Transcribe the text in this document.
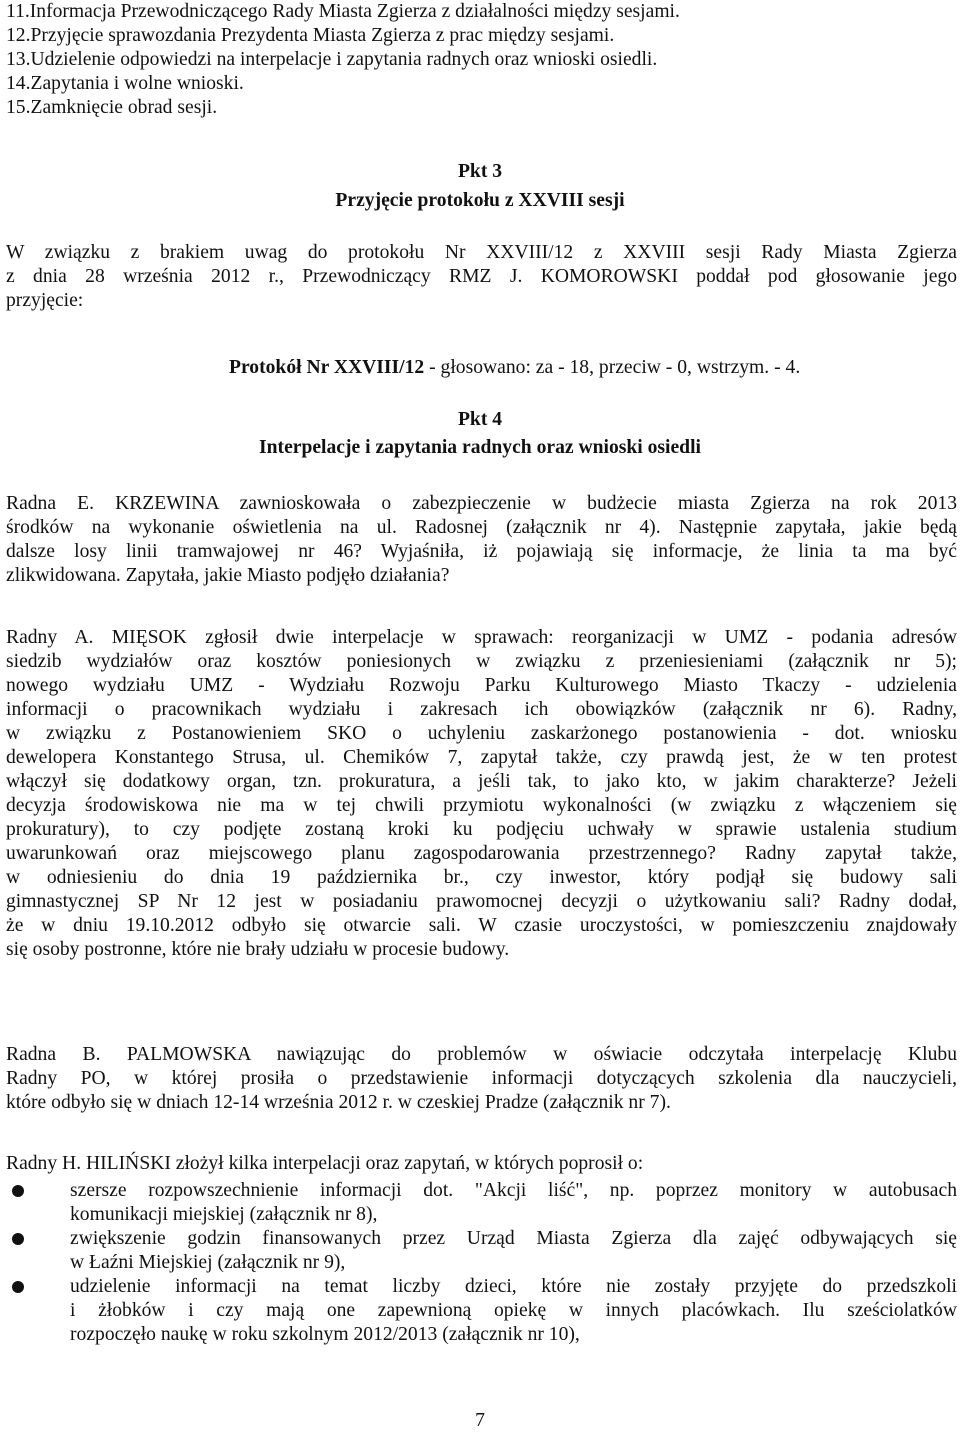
11.Informacja Przewodniczącego Rady Miasta Zgierza z działalności między sesjami.
12.Przyjęcie sprawozdania Prezydenta Miasta Zgierza z prac między sesjami.
13.Udzielenie odpowiedzi na interpelacje i zapytania radnych oraz wnioski osiedli.
14.Zapytania i wolne wnioski.
15.Zamknięcie obrad sesji.
Pkt 3
Przyjęcie protokołu z XXVIII sesji
W związku z brakiem uwag do protokołu Nr XXVIII/12 z XXVIII sesji Rady Miasta Zgierza
z dnia 28 września 2012 r., Przewodniczący RMZ J. KOMOROWSKI poddał pod głosowanie jego
przyjęcie:
Protokół Nr XXVIII/12 - głosowano: za - 18, przeciw - 0, wstrzym. - 4.
Pkt 4
Interpelacje i zapytania radnych oraz wnioski osiedli
Radna E. KRZEWINA zawnioskowała o zabezpieczenie w budżecie miasta Zgierza na rok 2013
środków na wykonanie oświetlenia na ul. Radosnej (załącznik nr 4). Następnie zapytała, jakie będą
dalsze losy linii tramwajowej nr 46? Wyjaśniła, iż pojawiają się informacje, że linia ta ma być
zlikwidowana. Zapytała, jakie Miasto podjęło działania?
Radny A. MIĘSOK zgłosił dwie interpelacje w sprawach: reorganizacji w UMZ - podania adresów
siedzib wydziałów oraz kosztów poniesionych w związku z przeniesieniami (załącznik nr 5);
nowego wydziału UMZ - Wydziału Rozwoju Parku Kulturowego Miasto Tkaczy - udzielenia
informacji o pracownikach wydziału i zakresach ich obowiązków (załącznik nr 6). Radny,
w związku z Postanowieniem SKO o uchyleniu zaskarżonego postanowienia - dot. wniosku
dewelopera Konstantego Strusa, ul. Chemików 7, zapytał także, czy prawdą jest, że w ten protest
włączył się dodatkowy organ, tzn. prokuratura, a jeśli tak, to jako kto, w jakim charakterze? Jeżeli
decyzja środowiskowa nie ma w tej chwili przymiotu wykonalności (w związku z włączeniem się
prokuratury), to czy podjęte zostaną kroki ku podjęciu uchwały w sprawie ustalenia studium
uwarunkowań oraz miejscowego planu zagospodarowania przestrzennego? Radny zapytał także,
w odniesieniu do dnia 19 października br., czy inwestor, który podjął się budowy sali
gimnastycznej SP Nr 12 jest w posiadaniu prawomocnej decyzji o użytkowaniu sali? Radny dodał,
że w dniu 19.10.2012 odbyło się otwarcie sali. W czasie uroczystości, w pomieszczeniu znajdowały
się osoby postronne, które nie brały udziału w procesie budowy.
Radna B. PALMOWSKA nawiązując do problemów w oświacie odczytała interpelację Klubu
Radny PO, w której prosiła o przedstawienie informacji dotyczących szkolenia dla nauczycieli,
które odbyło się w dniach 12-14 września 2012 r. w czeskiej Pradze (załącznik nr 7).
Radny H. HILIŃSKI złożył kilka interpelacji oraz zapytań, w których poprosił o:
szersze rozpowszechnienie informacji dot. "Akcji liść", np. poprzez monitory w autobusach
komunikacji miejskiej (załącznik nr 8),
zwiększenie godzin finansowanych przez Urząd Miasta Zgierza dla zajęć odbywających się
w Łaźni Miejskiej (załącznik nr 9),
udzielenie informacji na temat liczby dzieci, które nie zostały przyjęte do przedszkoli
i żłobków i czy mają one zapewnioną opiekę w innych placówkach. Ilu sześciolatków
rozpoczęło naukę w roku szkolnym 2012/2013 (załącznik nr 10),
7
